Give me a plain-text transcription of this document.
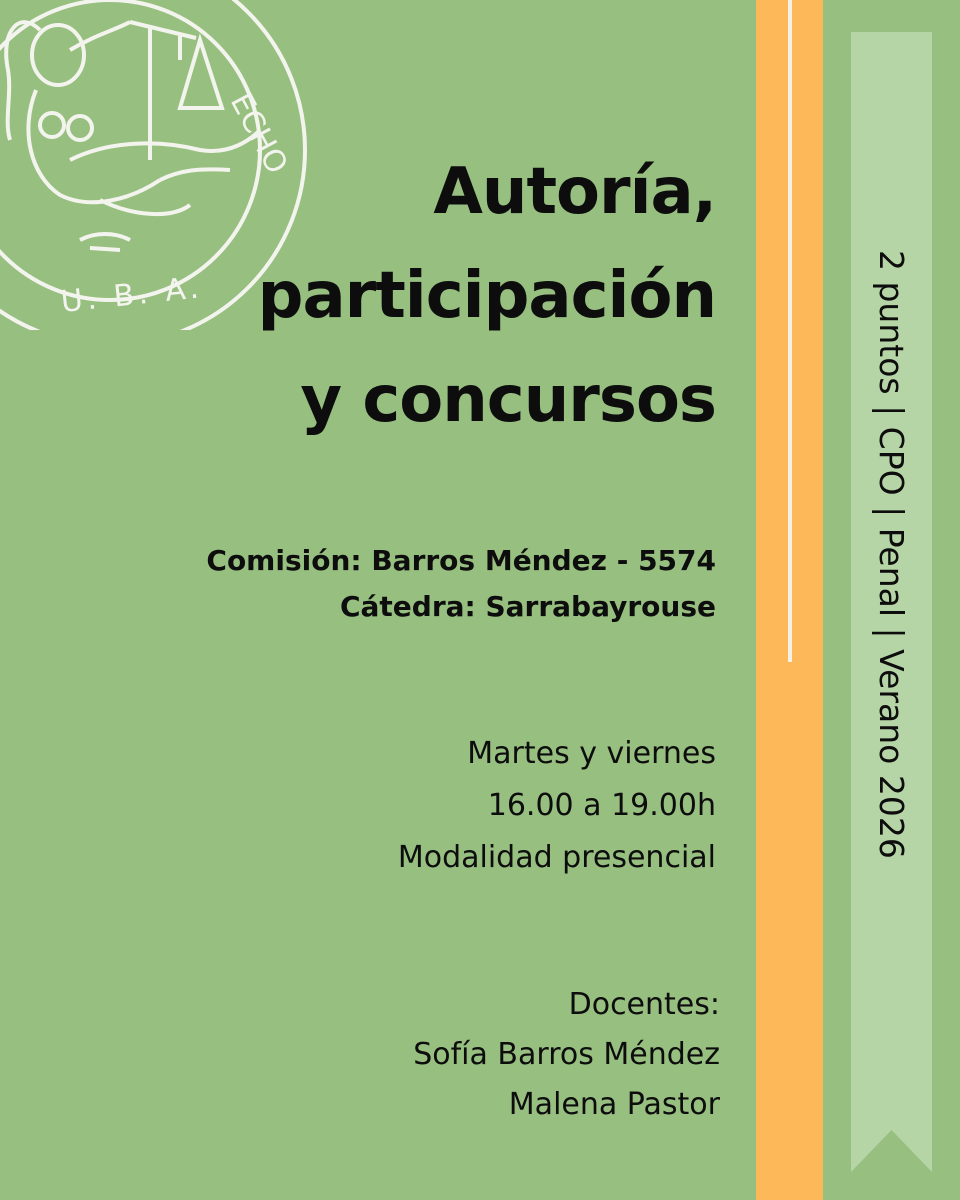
ECHO
U. B. A.
Autoría,
participación
y concursos
Comisión: Barros Méndez - 5574
Cátedra: Sarrabayrouse
Martes y viernes
16.00 a 19.00h
Modalidad presencial
Docentes:
Sofía Barros Méndez
Malena Pastor
2 puntos | CPO | Penal | Verano 2026
